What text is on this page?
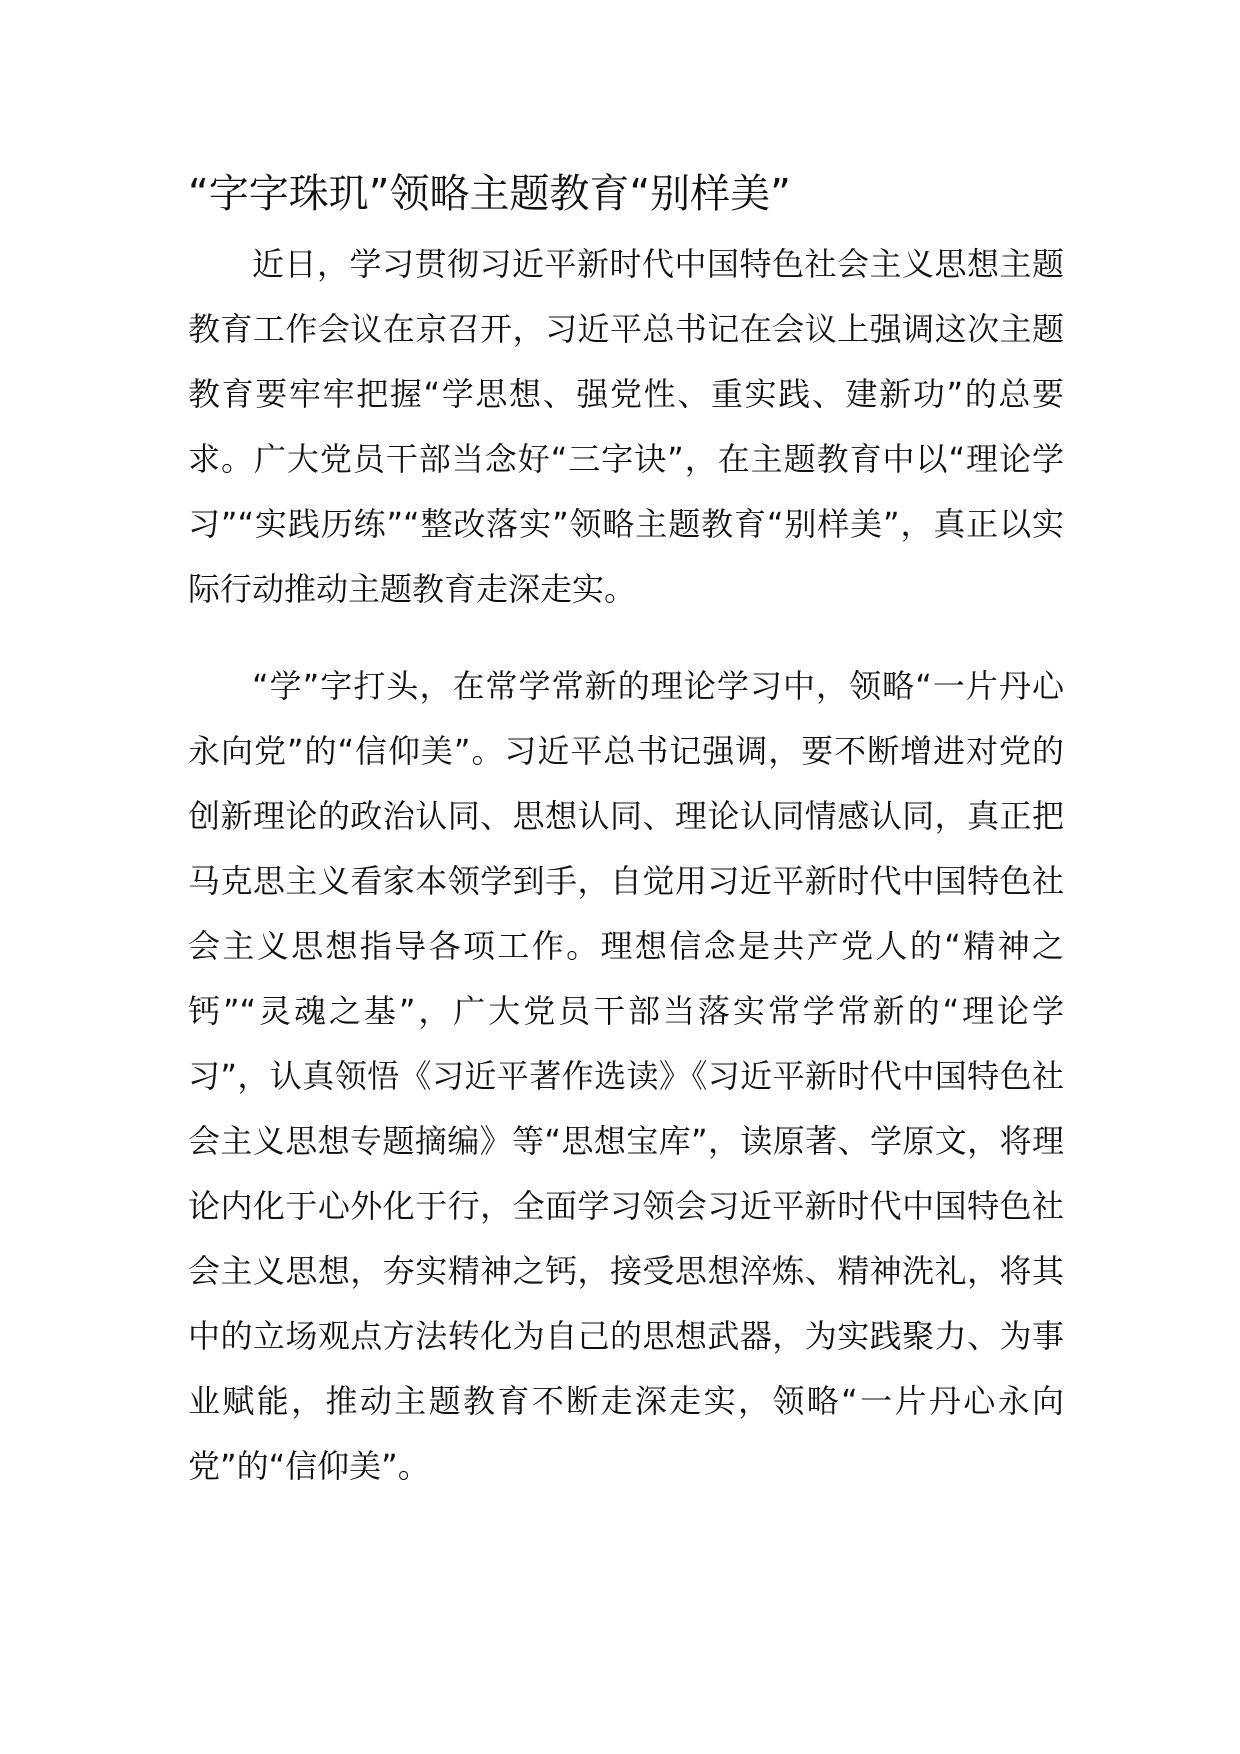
“字字珠玑”领略主题教育“别样美”

近日，学习贯彻习近平新时代中国特色社会主义思想主题教育工作会议在京召开，习近平总书记在会议上强调这次主题教育要牢牢把握“学思想、强党性、重实践、建新功”的总要求。广大党员干部当念好“三字诀”，在主题教育中以“理论学习”“实践历练”“整改落实”领略主题教育“别样美”，真正以实际行动推动主题教育走深走实。

“学”字打头，在常学常新的理论学习中，领略“一片丹心永向党”的“信仰美”。习近平总书记强调，要不断增进对党的创新理论的政治认同、思想认同、理论认同情感认同，真正把马克思主义看家本领学到手，自觉用习近平新时代中国特色社会主义思想指导各项工作。理想信念是共产党人的“精神之钙”“灵魂之基”，广大党员干部当落实常学常新的“理论学习”，认真领悟《习近平著作选读》《习近平新时代中国特色社会主义思想专题摘编》等“思想宝库”，读原著、学原文，将理论内化于心外化于行，全面学习领会习近平新时代中国特色社会主义思想，夯实精神之钙，接受思想淬炼、精神洗礼，将其中的立场观点方法转化为自己的思想武器，为实践聚力、为事业赋能，推动主题教育不断走深走实，领略“一片丹心永向党”的“信仰美”。
